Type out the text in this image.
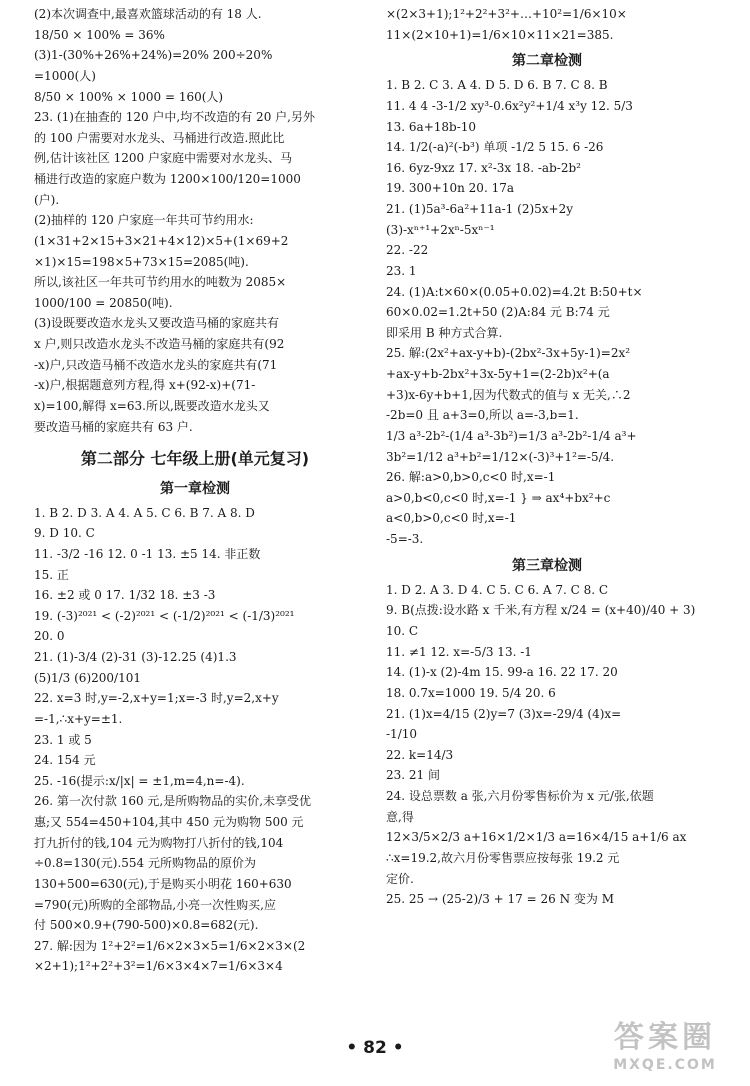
(2)本次调查中,最喜欢篮球活动的有 18 人.
18/50 × 100% = 36%
(3)1-(30%+26%+24%)=20% 200÷20%
=1000(人)
8/50 × 100% × 1000 = 160(人)
23. (1)在抽查的 120 户中,均不改造的有 20 户,另外
的 100 户需要对水龙头、马桶进行改造.照此比
例,估计该社区 1200 户家庭中需要对水龙头、马
桶进行改造的家庭户数为 1200×100/120=1000
(户).
(2)抽样的 120 户家庭一年共可节约用水:
(1×31+2×15+3×21+4×12)×5+(1×69+2
×1)×15=198×5+73×15=2085(吨).
所以,该社区一年共可节约用水的吨数为 2085×
1000/100 = 20850(吨).
(3)设既要改造水龙头又要改造马桶的家庭共有
x 户,则只改造水龙头不改造马桶的家庭共有(92
-x)户,只改造马桶不改造水龙头的家庭共有(71
-x)户,根据题意列方程,得 x+(92-x)+(71-
x)=100,解得 x=63.所以,既要改造水龙头又
要改造马桶的家庭共有 63 户.
第二部分 七年级上册(单元复习)
第一章检测
1. B 2. D 3. A 4. A 5. C 6. B 7. A 8. D
9. D 10. C
11. -3/2 -16 12. 0 -1 13. ±5 14. 非正数
15. 正
16. ±2 或 0 17. 1/32 18. ±3 -3
19. (-3)²⁰²¹ < (-2)²⁰²¹ < (-1/2)²⁰²¹ < (-1/3)²⁰²¹
20. 0
21. (1)-3/4 (2)-31 (3)-12.25 (4)1.3
(5)1/3 (6)200/101
22. x=3 时,y=-2,x+y=1;x=-3 时,y=2,x+y
=-1,∴x+y=±1.
23. 1 或 5
24. 154 元
25. -16(提示:x/|x| = ±1,m=4,n=-4).
26. 第一次付款 160 元,是所购物品的实价,未享受优
惠;又 554=450+104,其中 450 元为购物 500 元
打九折付的钱,104 元为购物打八折付的钱,104
÷0.8=130(元).554 元所购物品的原价为
130+500=630(元),于是购买小明花 160+630
=790(元)所购的全部物品,小亮一次性购买,应
付 500×0.9+(790-500)×0.8=682(元).
27. 解:因为 1²+2²=1/6×2×3×5=1/6×2×3×(2
×2+1);1²+2²+3²=1/6×3×4×7=1/6×3×4
×(2×3+1);1²+2²+3²+…+10²=1/6×10×
11×(2×10+1)=1/6×10×11×21=385.
第二章检测
1. B 2. C 3. A 4. D 5. D 6. B 7. C 8. B
11. 4 4 -3-1/2 xy³-0.6x²y²+1/4 x³y 12. 5/3
13. 6a+18b-10
14. 1/2(-a)²(-b³) 单项 -1/2 5 15. 6 -26
16. 6yz-9xz 17. x²-3x 18. -ab-2b²
19. 300+10n 20. 17a
21. (1)5a³-6a²+11a-1 (2)5x+2y
(3)-xⁿ⁺¹+2xⁿ-5xⁿ⁻¹
22. -22
23. 1
24. (1)A:t×60×(0.05+0.02)=4.2t B:50+t×
60×0.02=1.2t+50 (2)A:84 元 B:74 元
即采用 B 种方式合算.
25. 解:(2x²+ax-y+b)-(2bx²-3x+5y-1)=2x²
+ax-y+b-2bx²+3x-5y+1=(2-2b)x²+(a
+3)x-6y+b+1,因为代数式的值与 x 无关,∴2
-2b=0 且 a+3=0,所以 a=-3,b=1.
1/3 a³-2b²-(1/4 a³-3b²)=1/3 a³-2b²-1/4 a³+
3b²=1/12 a³+b²=1/12×(-3)³+1²=-5/4.
26. 解:a>0,b>0,c<0 时,x=-1
a>0,b<0,c<0 时,x=-1 } ⇒ ax⁴+bx²+c
a<0,b>0,c<0 时,x=-1
-5=-3.
第三章检测
1. D 2. A 3. D 4. C 5. C 6. A 7. C 8. C
9. B(点拨:设水路 x 千米,有方程 x/24 = (x+40)/40 + 3)
10. C
11. ≠1 12. x=-5/3 13. -1
14. (1)-x (2)-4m 15. 99-a 16. 22 17. 20
18. 0.7x=1000 19. 5/4 20. 6
21. (1)x=4/15 (2)y=7 (3)x=-29/4 (4)x=
-1/10
22. k=14/3
23. 21 间
24. 设总票数 a 张,六月份零售标价为 x 元/张,依题
意,得
12×3/5×2/3 a+16×1/2×1/3 a=16×4/15 a+1/6 ax
∴x=19.2,故六月份零售票应按每张 19.2 元
定价.
25. 25 → (25-2)/3 + 17 = 26 N 变为 M
• 82 •	答案圈
MXQE.COM
